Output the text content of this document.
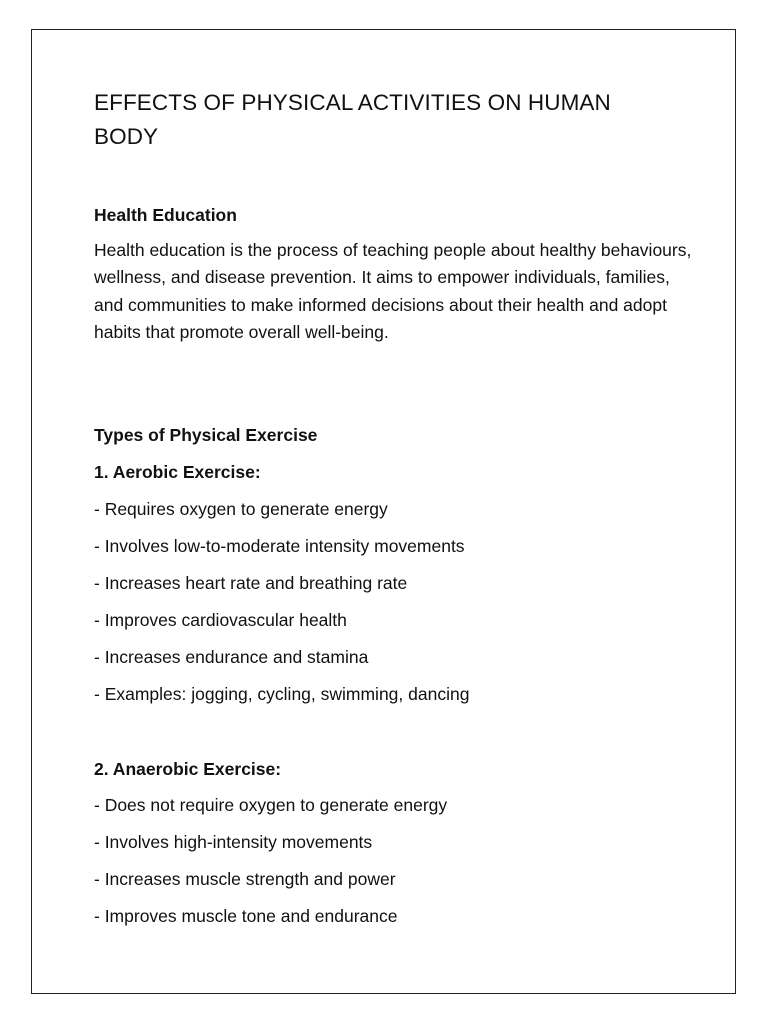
EFFECTS OF PHYSICAL ACTIVITIES ON HUMAN BODY

Health Education

Health education is the process of teaching people about healthy behaviours, wellness, and disease prevention. It aims to empower individuals, families, and communities to make informed decisions about their health and adopt habits that promote overall well-being.

Types of Physical Exercise

1. Aerobic Exercise:

- Requires oxygen to generate energy

- Involves low-to-moderate intensity movements

- Increases heart rate and breathing rate

- Improves cardiovascular health

- Increases endurance and stamina

- Examples: jogging, cycling, swimming, dancing

2. Anaerobic Exercise:

- Does not require oxygen to generate energy

- Involves high-intensity movements

- Increases muscle strength and power

- Improves muscle tone and endurance
